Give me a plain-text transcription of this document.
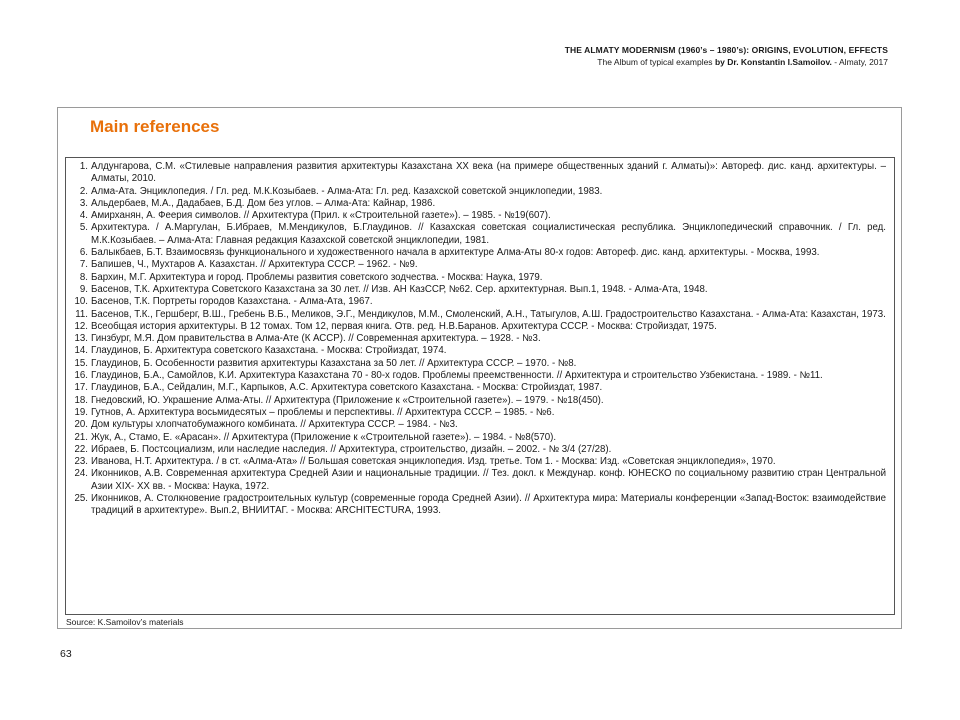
THE ALMATY MODERNISM (1960’s – 1980’s): ORIGINS, EVOLUTION, EFFECTS
The Album of typical examples by Dr. Konstantin I.Samoilov. - Almaty, 2017
Main references
1. Алдунгарова, С.М. «Стилевые направления развития архитектуры Казахстана XX века (на примере общественных зданий г. Алматы)»: Автореф. дис. канд. архитектуры. – Алматы, 2010.
2. Алма-Ата. Энциклопедия. / Гл. ред. М.К.Козыбаев. - Алма-Ата: Гл. ред. Казахской советской энциклопедии, 1983.
3. Альдербаев, М.А., Дадабаев, Б.Д. Дом без углов. – Алма-Ата: Кайнар, 1986.
4. Амирханян, А. Феерия символов. // Архитектура (Прил. к «Строительной газете»). – 1985. - №19(607).
5. Архитектура. / А.Маргулан, Б.Ибраев, М.Мендикулов, Б.Глаудинов. // Казахская советская социалистическая республика. Энциклопедический справочник. / Гл. ред. М.К.Козыбаев. – Алма-Ата: Главная редакция Казахской советской энциклопедии, 1981.
6. Балыкбаев, Б.Т. Взаимосвязь функционального и художественного начала в архитектуре Алма-Аты 80-х годов: Автореф. дис. канд. архитектуры. - Москва, 1993.
7. Бапишев, Ч., Мухтаров А. Казахстан. // Архитектура СССР. – 1962. - №9.
8. Бархин, М.Г. Архитектура и город. Проблемы развития советского зодчества. - Москва: Наука, 1979.
9. Басенов, Т.К. Архитектура Советского Казахстана за 30 лет. // Изв. АН КазССР, №62. Сер. архитектурная. Вып.1, 1948. - Алма-Ата, 1948.
10. Басенов, Т.К. Портреты городов Казахстана. - Алма-Ата, 1967.
11. Басенов, Т.К., Гершберг, В.Ш., Гребень В.Б., Меликов, Э.Г., Мендикулов, М.М., Смоленский, А.Н., Татыгулов, А.Ш. Градостроительство Казахстана. - Алма-Ата: Казахстан, 1973.
12. Всеобщая история архитектуры. В 12 томах. Том 12, первая книга. Отв. ред. Н.В.Баранов. Архитектура СССР. - Москва: Стройиздат, 1975.
13. Гинзбург, М.Я. Дом правительства в Алма-Ате (К АССР). // Современная архитектура. – 1928. - №3.
14. Глаудинов, Б. Архитектура советского Казахстана. - Москва: Стройиздат, 1974.
15. Глаудинов, Б. Особенности развития архитектуры Казахстана за 50 лет. // Архитектура СССР. – 1970. - №8.
16. Глаудинов, Б.А., Самойлов, К.И. Архитектура Казахстана 70 - 80-х годов. Проблемы преемственности. // Архитектура и строительство Узбекистана. - 1989. - №11.
17. Глаудинов, Б.А., Сейдалин, М.Г., Карпыков, А.С. Архитектура советского Казахстана. - Москва: Стройиздат, 1987.
18. Гнедовский, Ю. Украшение Алма-Аты. // Архитектура (Приложение к «Строительной газете»). – 1979. - №18(450).
19. Гутнов, А. Архитектура восьмидесятых – проблемы и перспективы. // Архитектура СССР. – 1985. - №6.
20. Дом культуры хлопчатобумажного комбината. // Архитектура СССР. – 1984. - №3.
21. Жук, А., Стамо, Е. «Арасан». // Архитектура (Приложение к «Строительной газете»). – 1984. - №8(570).
22. Ибраев, Б. Постсоциализм, или наследие наследия. // Архитектура, строительство, дизайн. – 2002. - № 3/4 (27/28).
23. Иванова, Н.Т. Архитектура. / в ст. «Алма-Ата» // Большая советская энциклопедия. Изд. третье. Том 1. - Москва: Изд. «Советская энциклопедия», 1970.
24. Иконников, А.В. Современная архитектура Средней Азии и национальные традиции. // Тез. докл. к Междунар. конф. ЮНЕСКО по социальному развитию стран Центральной Азии XIX- XX вв. - Москва: Наука, 1972.
25. Иконников, А. Столкновение градостроительных культур (современные города Средней Азии). // Архитектура мира: Материалы конференции «Запад-Восток: взаимодействие традиций в архитектуре». Вып.2, ВНИИТАГ. - Москва: ARCHITECTURA, 1993.
Source: K.Samoilov’s materials
63
